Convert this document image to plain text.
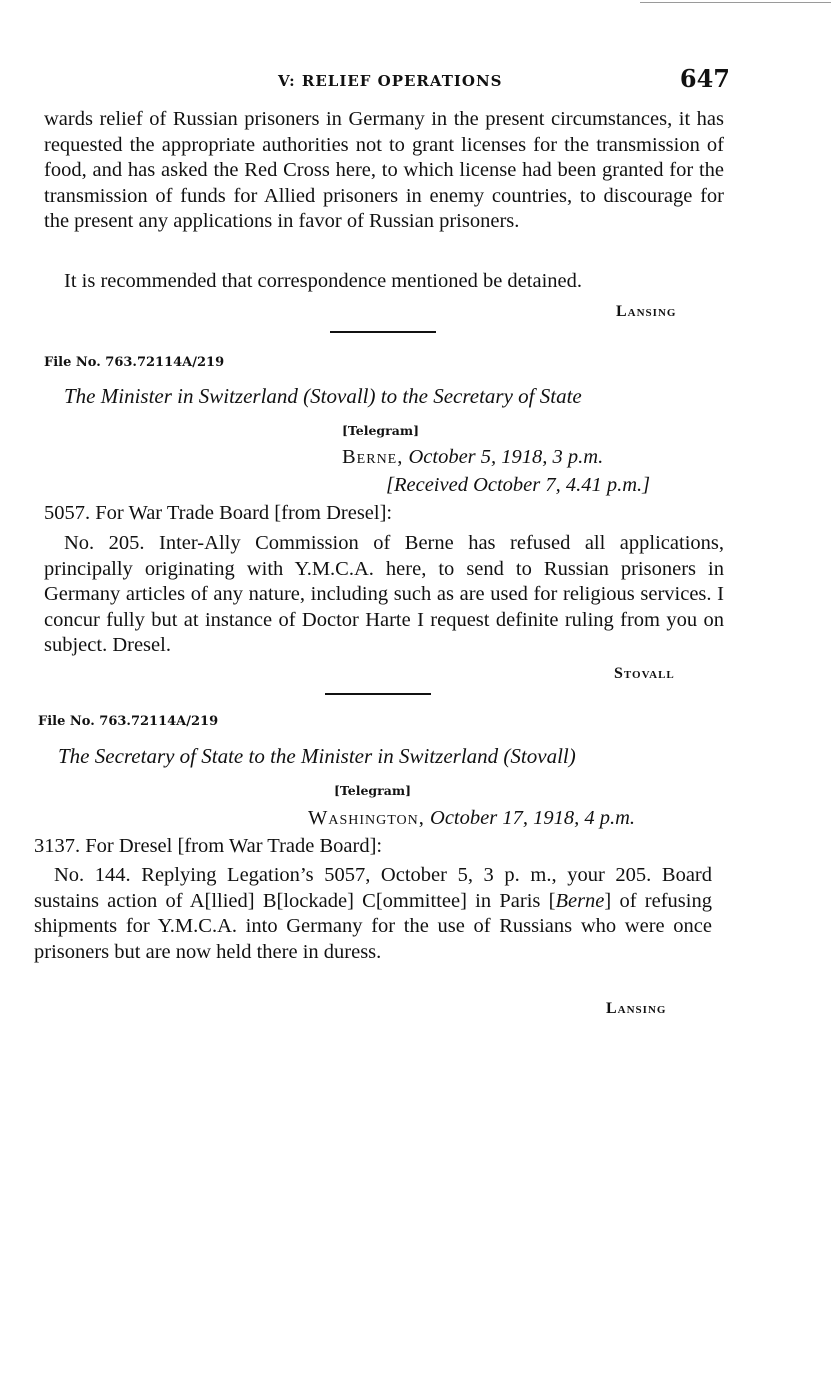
V: RELIEF OPERATIONS	647
wards relief of Russian prisoners in Germany in the present circumstances, it has requested the appropriate authorities not to grant licenses for the transmission of food, and has asked the Red Cross here, to which license had been granted for the transmission of funds for Allied prisoners in enemy countries, to discourage for the present any applications in favor of Russian prisoners.
It is recommended that correspondence mentioned be detained.
Lansing
File No. 763.72114A/219
The Minister in Switzerland (Stovall) to the Secretary of State
[Telegram]
Berne, October 5, 1918, 3 p.m.
[Received October 7, 4.41 p.m.]
5057. For War Trade Board [from Dresel]:
No. 205. Inter-Ally Commission of Berne has refused all applications, principally originating with Y.M.C.A. here, to send to Russian prisoners in Germany articles of any nature, including such as are used for religious services. I concur fully but at instance of Doctor Harte I request definite ruling from you on subject. Dresel.
Stovall
File No. 763.72114A/219
The Secretary of State to the Minister in Switzerland (Stovall)
[Telegram]
Washington, October 17, 1918, 4 p.m.
3137. For Dresel [from War Trade Board]:
No. 144. Replying Legation’s 5057, October 5, 3 p. m., your 205. Board sustains action of A[llied] B[lockade] C[ommittee] in Paris [Berne] of refusing shipments for Y.M.C.A. into Germany for the use of Russians who were once prisoners but are now held there in duress.
Lansing
